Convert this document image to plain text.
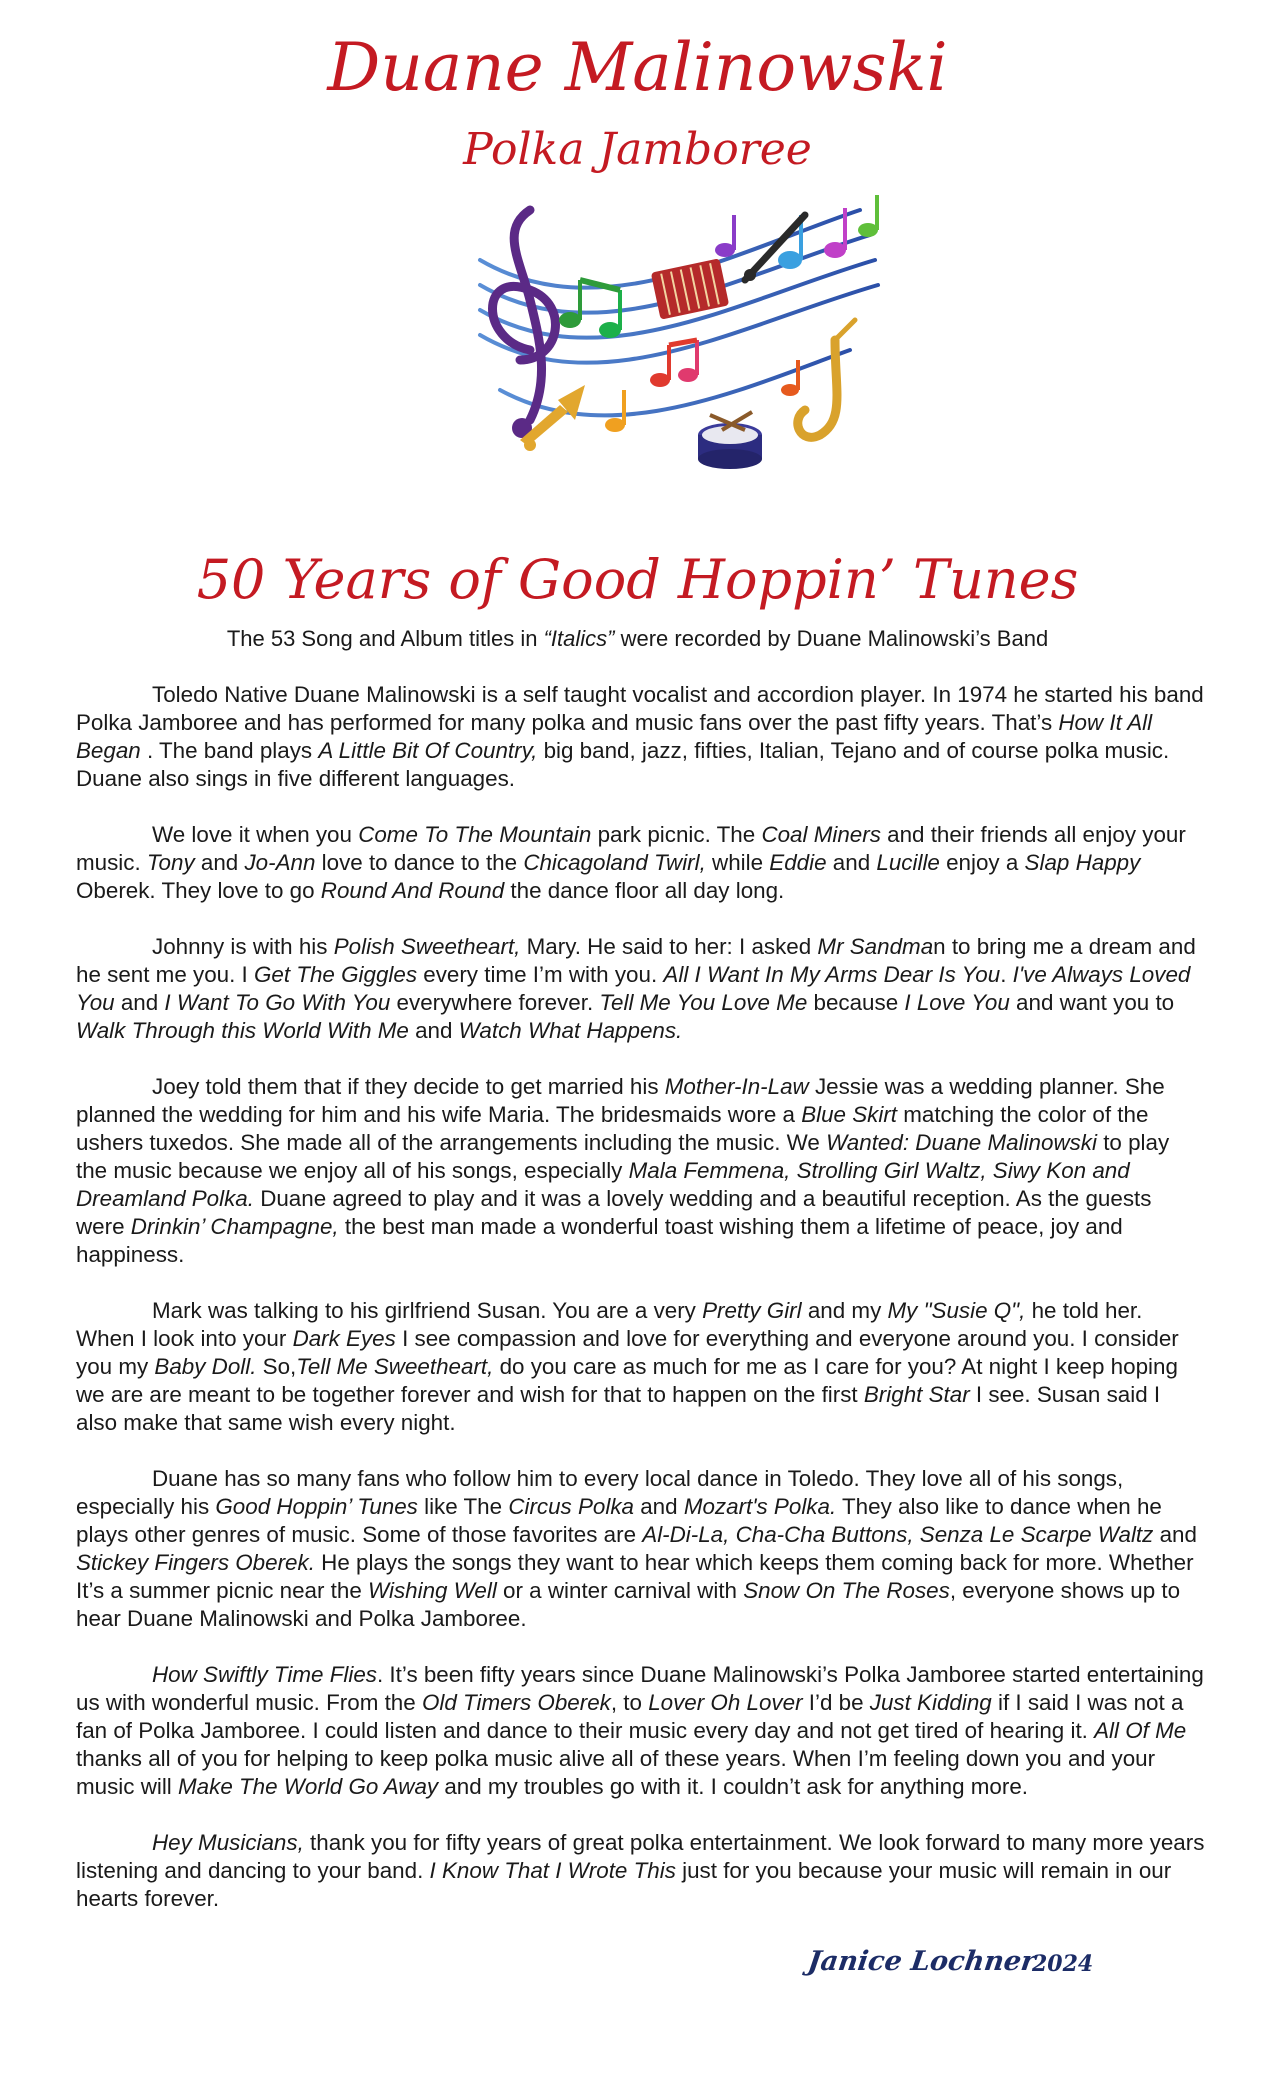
Duane Malinowski
Polka Jamboree
50 Years of Good Hoppin’ Tunes
The 53 Song and Album titles in “Italics” were recorded by Duane Malinowski’s Band

Toledo Native Duane Malinowski is a self taught vocalist and accordion player. In 1974 he started his band Polka Jamboree and has performed for many polka and music fans over the past fifty years. That’s How It All Began . The band plays A Little Bit Of Country, big band, jazz, fifties, Italian, Tejano and of course polka music. Duane also sings in five different languages.

We love it when you Come To The Mountain park picnic. The Coal Miners and their friends all enjoy your music. Tony and Jo-Ann love to dance to the Chicagoland Twirl, while Eddie and Lucille enjoy a Slap Happy Oberek. They love to go Round And Round the dance floor all day long.

Johnny is with his Polish Sweetheart, Mary. He said to her: I asked Mr Sandman to bring me a dream and he sent me you. I Get The Giggles every time I’m with you. All I Want In My Arms Dear Is You. I've Always Loved You and I Want To Go With You everywhere forever. Tell Me You Love Me because I Love You and want you to Walk Through this World With Me and Watch What Happens.

Joey told them that if they decide to get married his Mother-In-Law Jessie was a wedding planner. She planned the wedding for him and his wife Maria. The bridesmaids wore a Blue Skirt matching the color of the ushers tuxedos. She made all of the arrangements including the music. We Wanted: Duane Malinowski to play the music because we enjoy all of his songs, especially Mala Femmena, Strolling Girl Waltz, Siwy Kon and Dreamland Polka. Duane agreed to play and it was a lovely wedding and a beautiful reception. As the guests were Drinkin’ Champagne, the best man made a wonderful toast wishing them a lifetime of peace, joy and happiness.

Mark was talking to his girlfriend Susan. You are a very Pretty Girl and my My "Susie Q", he told her. When I look into your Dark Eyes I see compassion and love for everything and everyone around you. I consider you my Baby Doll. So,Tell Me Sweetheart, do you care as much for me as I care for you? At night I keep hoping we are are meant to be together forever and wish for that to happen on the first Bright Star I see. Susan said I also make that same wish every night.

Duane has so many fans who follow him to every local dance in Toledo. They love all of his songs, especially his Good Hoppin’ Tunes like The Circus Polka and Mozart's Polka. They also like to dance when he plays other genres of music. Some of those favorites are Al-Di-La, Cha-Cha Buttons, Senza Le Scarpe Waltz and Stickey Fingers Oberek. He plays the songs they want to hear which keeps them coming back for more. Whether It’s a summer picnic near the Wishing Well or a winter carnival with Snow On The Roses, everyone shows up to hear Duane Malinowski and Polka Jamboree.

How Swiftly Time Flies. It’s been fifty years since Duane Malinowski’s Polka Jamboree started entertaining us with wonderful music. From the Old Timers Oberek, to Lover Oh Lover I’d be Just Kidding if I said I was not a fan of Polka Jamboree. I could listen and dance to their music every day and not get tired of hearing it. All Of Me thanks all of you for helping to keep polka music alive all of these years. When I’m feeling down you and your music will Make The World Go Away and my troubles go with it. I couldn’t ask for anything more.

Hey Musicians, thank you for fifty years of great polka entertainment. We look forward to many more years listening and dancing to your band. I Know That I Wrote This just for you because your music will remain in our hearts forever.

Janice Lochner
2024
